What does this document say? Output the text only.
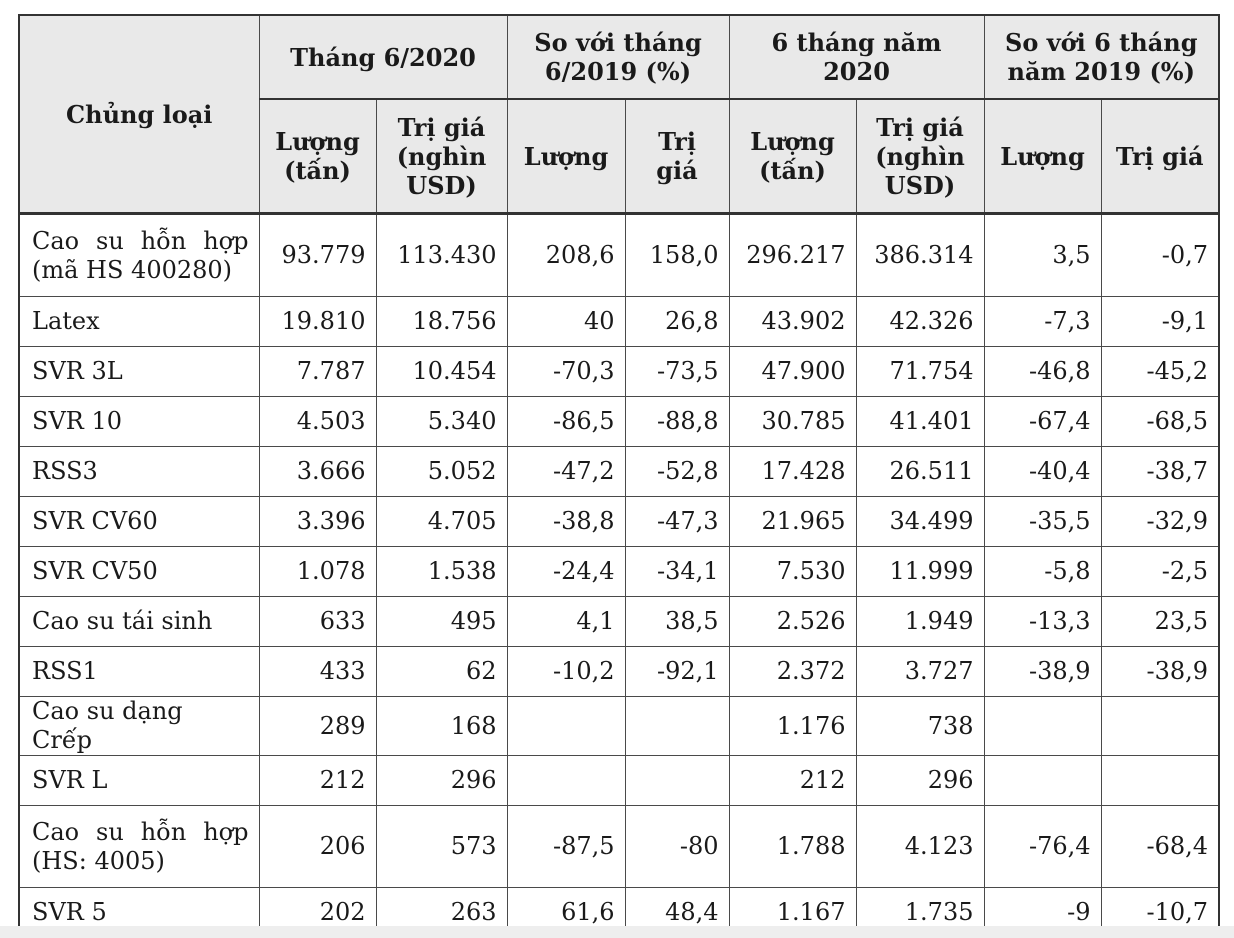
Chủng loại	Tháng 6/2020		So với tháng 6/2019 (%)		6 tháng năm 2020		So với 6 tháng năm 2019 (%)	
	Lượng (tấn)	Trị giá (nghìn USD)	Lượng	Trị giá	Lượng (tấn)	Trị giá (nghìn USD)	Lượng	Trị giá

Cao su hỗn hợp (mã HS 400280)	93.779	113.430	208,6	158,0	296.217	386.314	3,5	-0,7
Latex	19.810	18.756	40	26,8	43.902	42.326	-7,3	-9,1
SVR 3L	7.787	10.454	-70,3	-73,5	47.900	71.754	-46,8	-45,2
SVR 10	4.503	5.340	-86,5	-88,8	30.785	41.401	-67,4	-68,5
RSS3	3.666	5.052	-47,2	-52,8	17.428	26.511	-40,4	-38,7
SVR CV60	3.396	4.705	-38,8	-47,3	21.965	34.499	-35,5	-32,9
SVR CV50	1.078	1.538	-24,4	-34,1	7.530	11.999	-5,8	-2,5
Cao su tái sinh	633	495	4,1	38,5	2.526	1.949	-13,3	23,5
RSS1	433	62	-10,2	-92,1	2.372	3.727	-38,9	-38,9
Cao su dạng Crếp	289	168			1.176	738		
SVR L	212	296			212	296		

Cao su hỗn hợp (HS: 4005)	206	573	-87,5	-80	1.788	4.123	-76,4	-68,4
SVR 5	202	263	61,6	48,4	1.167	1.735	-9	-10,7
